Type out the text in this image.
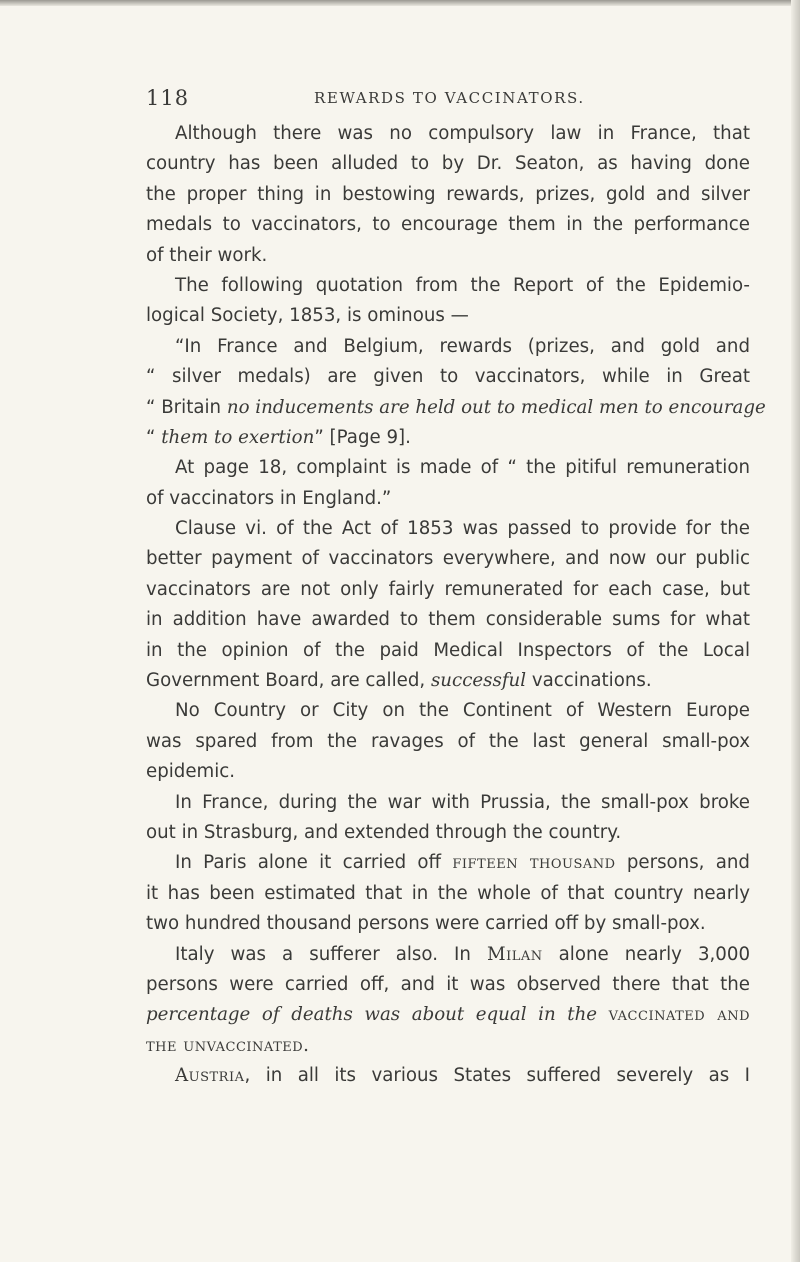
118	REWARDS TO VACCINATORS.
Although there was no compulsory law in France, that
country has been alluded to by Dr. Seaton, as having done
the proper thing in bestowing rewards, prizes, gold and silver
medals to vaccinators, to encourage them in the performance
of their work.
The following quotation from the Report of the Epidemio-
logical Society, 1853, is ominous —
“In France and Belgium, rewards (prizes, and gold and
“ silver medals) are given to vaccinators, while in Great
“ Britain no inducements are held out to medical men to encourage
“ them to exertion” [Page 9].
At page 18, complaint is made of “ the pitiful remuneration
of vaccinators in England.”
Clause vi. of the Act of 1853 was passed to provide for the
better payment of vaccinators everywhere, and now our public
vaccinators are not only fairly remunerated for each case, but
in addition have awarded to them considerable sums for what
in the opinion of the paid Medical Inspectors of the Local
Government Board, are called, successful vaccinations.
No Country or City on the Continent of Western Europe
was spared from the ravages of the last general small-pox
epidemic.
In France, during the war with Prussia, the small-pox broke
out in Strasburg, and extended through the country.
In Paris alone it carried off fifteen thousand persons, and
it has been estimated that in the whole of that country nearly
two hundred thousand persons were carried off by small-pox.
Italy was a sufferer also. In Milan alone nearly 3,000
persons were carried off, and it was observed there that the
percentage of deaths was about equal in the vaccinated and
the unvaccinated.
Austria, in all its various States suffered severely as I
